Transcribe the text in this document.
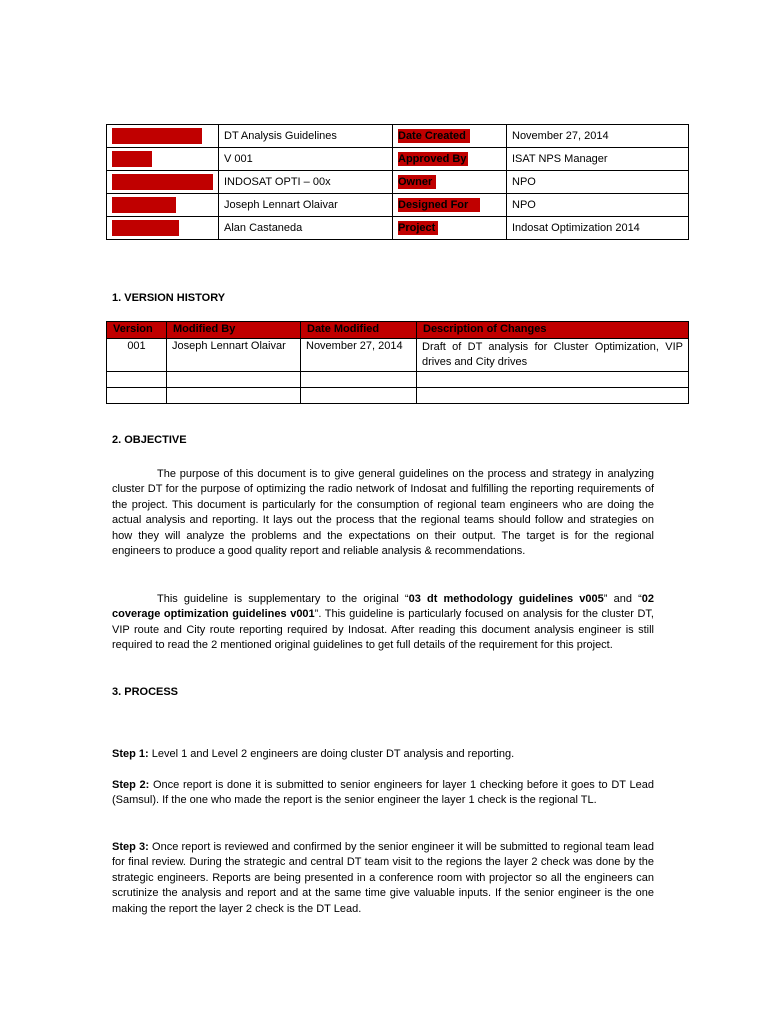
	DT Analysis Guidelines	Date Created	November 27, 2014
	V 001	Approved By	ISAT NPS Manager
	INDOSAT OPTI – 00x	Owner	NPO
	Joseph Lennart Olaivar	Designed For	NPO
	Alan Castaneda	Project	Indosat Optimization 2014
1. VERSION HISTORY
Version	Modified By	Date Modified	Description of Changes
001	Joseph Lennart Olaivar	November 27, 2014	Draft of DT analysis for Cluster Optimization, VIP drives and City drives

2. OBJECTIVE

The purpose of this document is to give general guidelines on the process and strategy in analyzing cluster DT for the purpose of optimizing the radio network of Indosat and fulfilling the reporting requirements of the project. This document is particularly for the consumption of regional team engineers who are doing the actual analysis and reporting. It lays out the process that the regional teams should follow and strategies on how they will analyze the problems and the expectations on their output. The target is for the regional engineers to produce a good quality report and reliable analysis & recommendations.

This guideline is supplementary to the original “03 dt methodology guidelines v005” and “02 coverage optimization guidelines v001”. This guideline is particularly focused on analysis for the cluster DT, VIP route and City route reporting required by Indosat. After reading this document analysis engineer is still required to read the 2 mentioned original guidelines to get full details of the requirement for this project.

3. PROCESS

Step 1: Level 1 and Level 2 engineers are doing cluster DT analysis and reporting.

Step 2: Once report is done it is submitted to senior engineers for layer 1 checking before it goes to DT Lead (Samsul). If the one who made the report is the senior engineer the layer 1 check is the regional TL.

Step 3: Once report is reviewed and confirmed by the senior engineer it will be submitted to regional team lead for final review. During the strategic and central DT team visit to the regions the layer 2 check was done by the strategic engineers. Reports are being presented in a conference room with projector so all the engineers can scrutinize the analysis and report and at the same time give valuable inputs. If the senior engineer is the one making the report the layer 2 check is the DT Lead.
